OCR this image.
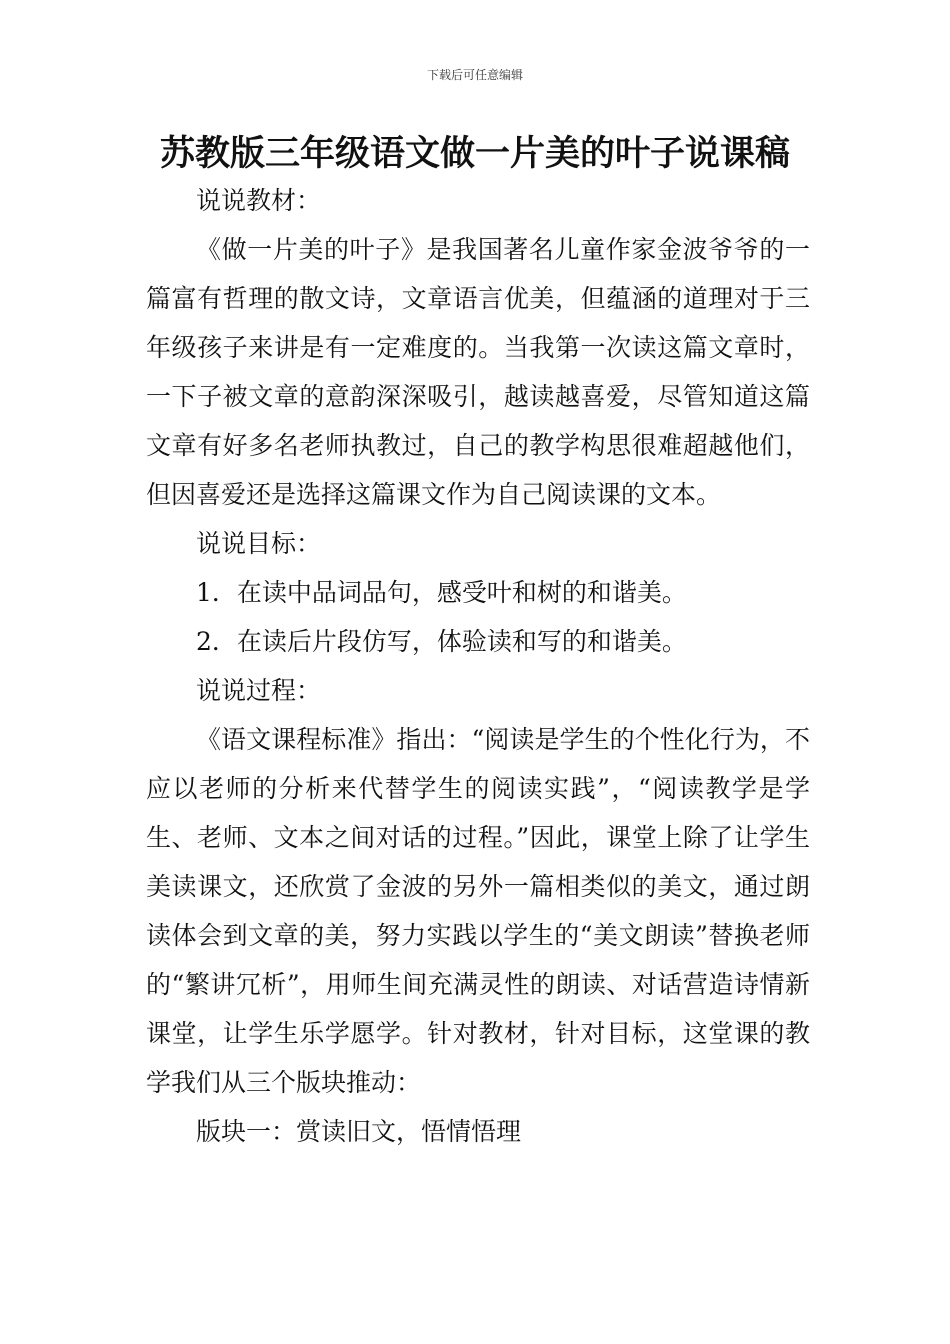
下载后可任意编辑
苏教版三年级语文做一片美的叶子说课稿

说说教材：

《做一片美的叶子》是我国著名儿童作家金波爷爷的一篇富有哲理的散文诗，文章语言优美，但蕴涵的道理对于三年级孩子来讲是有一定难度的。当我第一次读这篇文章时，一下子被文章的意韵深深吸引，越读越喜爱，尽管知道这篇文章有好多名老师执教过，自己的教学构思很难超越他们，但因喜爱还是选择这篇课文作为自己阅读课的文本。

说说目标：

1．在读中品词品句，感受叶和树的和谐美。

2．在读后片段仿写，体验读和写的和谐美。

说说过程：

《语文课程标准》指出：“阅读是学生的个性化行为，不应以老师的分析来代替学生的阅读实践”，“阅读教学是学生、老师、文本之间对话的过程。”因此，课堂上除了让学生美读课文，还欣赏了金波的另外一篇相类似的美文，通过朗读体会到文章的美，努力实践以学生的“美文朗读”替换老师的“繁讲冗析”，用师生间充满灵性的朗读、对话营造诗情新课堂，让学生乐学愿学。针对教材，针对目标，这堂课的教学我们从三个版块推动：

版块一：赏读旧文，悟情悟理
